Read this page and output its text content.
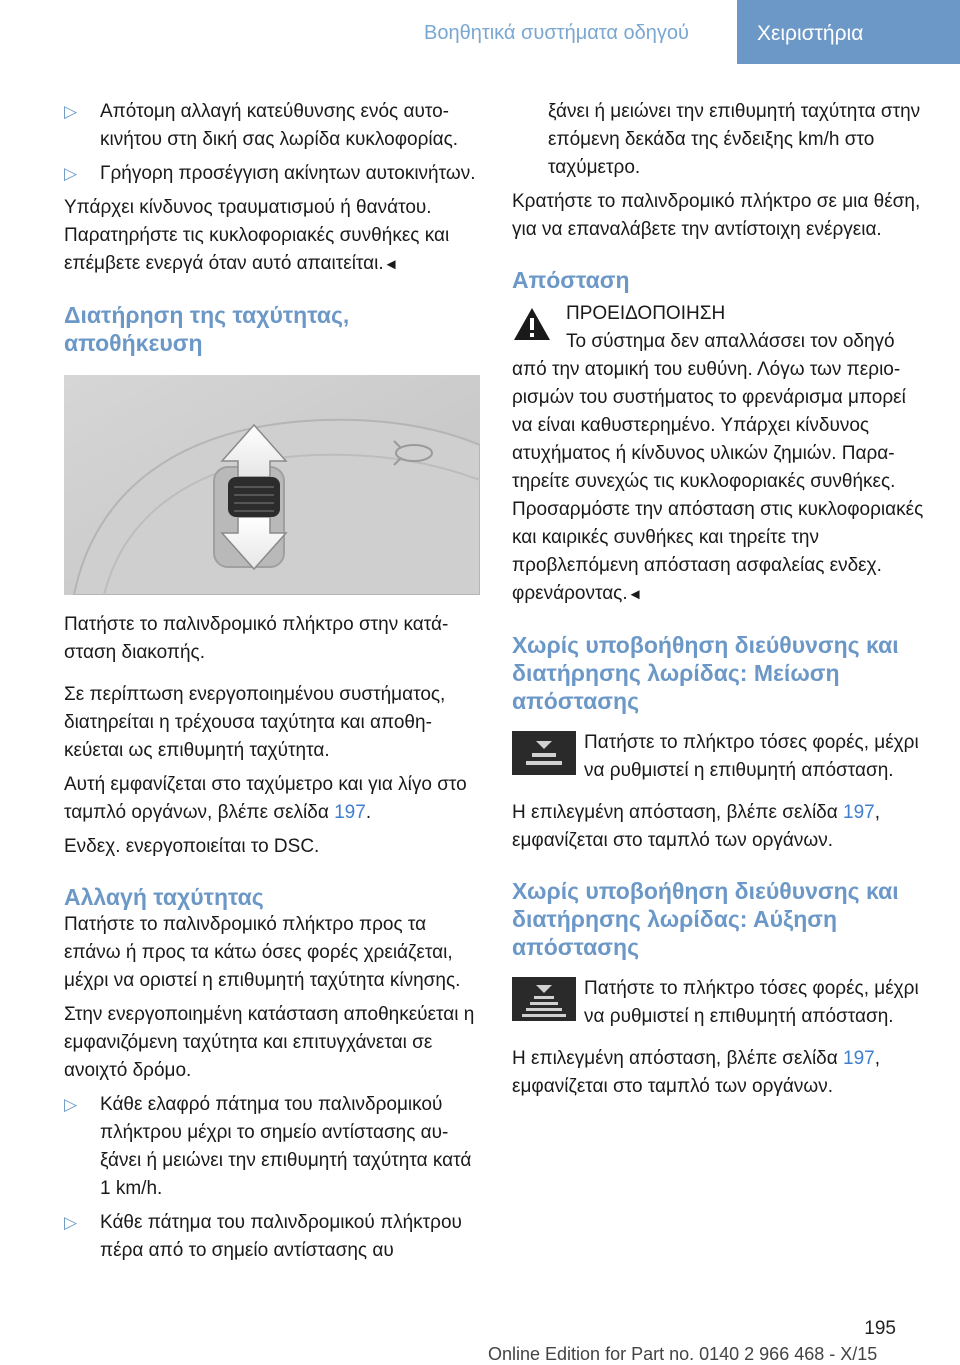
Βοηθητικά συστήματα οδηγού	Χειριστήρια
▷ Απότομη αλλαγή κατεύθυνσης ενός αυτοκινήτου στη δική σας λωρίδα κυκλοφορίας.
▷ Γρήγορη προσέγγιση ακίνητων αυτοκινήτων.

Υπάρχει κίνδυνος τραυματισμού ή θανάτου. Παρατηρήστε τις κυκλοφοριακές συνθήκες και επέμβετε ενεργά όταν αυτό απαιτείται.◄

Διατήρηση της ταχύτητας, αποθήκευση

Πατήστε το παλινδρομικό πλήκτρο στην κατάσταση διακοπής.

Σε περίπτωση ενεργοποιημένου συστήματος, διατηρείται η τρέχουσα ταχύτητα και αποθηκεύεται ως επιθυμητή ταχύτητα.

Αυτή εμφανίζεται στο ταχύμετρο και για λίγο στο ταμπλό οργάνων, βλέπε σελίδα 197.

Ενδεχ. ενεργοποιείται το DSC.

Αλλαγή ταχύτητας

Πατήστε το παλινδρομικό πλήκτρο προς τα επάνω ή προς τα κάτω όσες φορές χρειάζεται, μέχρι να οριστεί η επιθυμητή ταχύτητα κίνησης.

Στην ενεργοποιημένη κατάσταση αποθηκεύεται η εμφανιζόμενη ταχύτητα και επιτυγχάνεται σε ανοιχτό δρόμο.

▷ Κάθε ελαφρό πάτημα του παλινδρομικού πλήκτρου μέχρι το σημείο αντίστασης αυξάνει ή μειώνει την επιθυμητή ταχύτητα κατά 1 km/h.
▷ Κάθε πάτημα του παλινδρομικού πλήκτρου πέρα από το σημείο αντίστασης αυ
ξάνει ή μειώνει την επιθυμητή ταχύτητα στην επόμενη δεκάδα της ένδειξης km/h στο ταχύμετρο.

Κρατήστε το παλινδρομικό πλήκτρο σε μια θέση, για να επαναλάβετε την αντίστοιχη ενέργεια.

Απόσταση

ΠΡΟΕΙΔΟΠΟΙΗΣΗ

Το σύστημα δεν απαλλάσσει τον οδηγό από την ατομική του ευθύνη. Λόγω των περιορισμών του συστήματος το φρενάρισμα μπορεί να είναι καθυστερημένο. Υπάρχει κίνδυνος ατυχήματος ή κίνδυνος υλικών ζημιών. Παρατηρείτε συνεχώς τις κυκλοφοριακές συνθήκες. Προσαρμόστε την απόσταση στις κυκλοφοριακές και καιρικές συνθήκες και τηρείτε την προβλεπόμενη απόσταση ασφαλείας ενδεχ. φρενάροντας.◄

Χωρίς υποβοήθηση διεύθυνσης και διατήρησης λωρίδας: Μείωση απόστασης

Πατήστε το πλήκτρο τόσες φορές, μέχρι να ρυθμιστεί η επιθυμητή απόσταση.

Η επιλεγμένη απόσταση, βλέπε σελίδα 197, εμφανίζεται στο ταμπλό των οργάνων.

Χωρίς υποβοήθηση διεύθυνσης και διατήρησης λωρίδας: Αύξηση απόστασης

Πατήστε το πλήκτρο τόσες φορές, μέχρι να ρυθμιστεί η επιθυμητή απόσταση.

Η επιλεγμένη απόσταση, βλέπε σελίδα 197, εμφανίζεται στο ταμπλό των οργάνων.

195
Online Edition for Part no. 0140 2 966 468 - X/15
